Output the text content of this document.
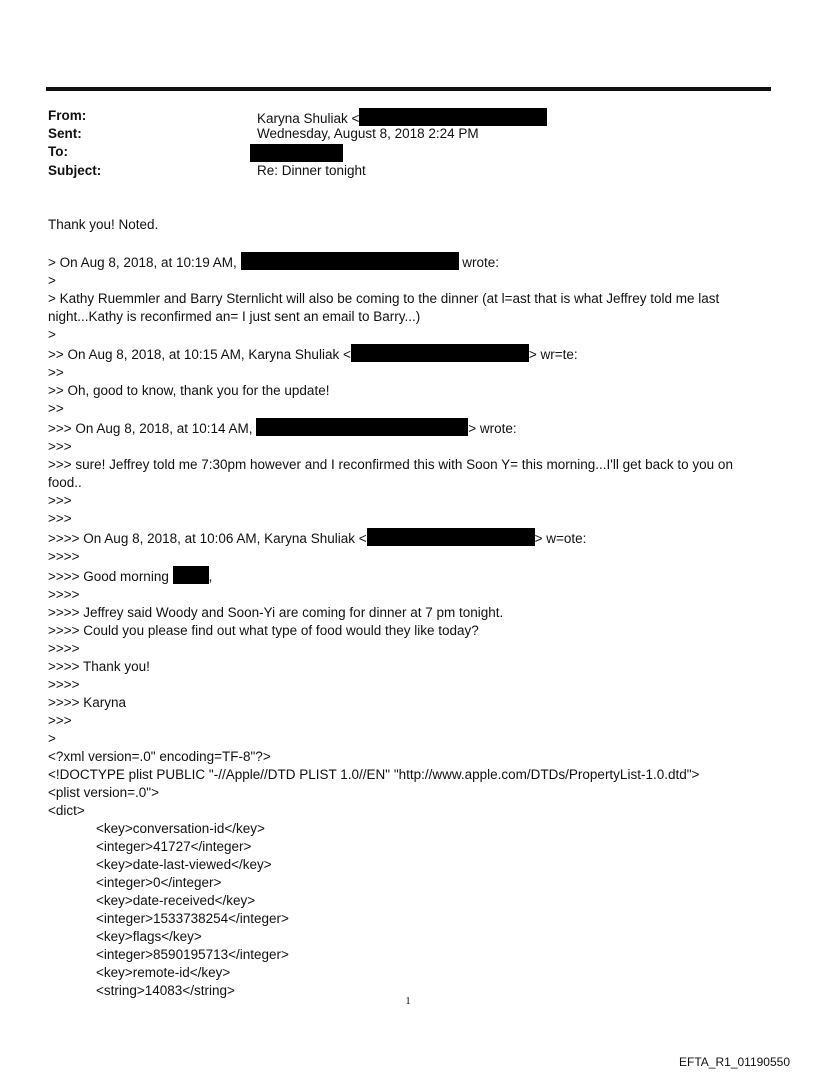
From:	Karyna Shuliak <
Sent:	Wednesday, August 8, 2018 2:24 PM
To:
Subject:	Re: Dinner tonight
Thank you! Noted.

> On Aug 8, 2018, at 10:19 AM,	wrote:
>
> Kathy Ruemmler and Barry Sternlicht will also be coming to the dinner (at l=ast that is what Jeffrey told me last night...Kathy is reconfirmed an= I just sent an email to Barry...)
>
>> On Aug 8, 2018, at 10:15 AM, Karyna Shuliak <	> wr=te:
>>
>> Oh, good to know, thank you for the update!
>>
>>> On Aug 8, 2018, at 10:14 AM,	> wrote:
>>>
>>> sure! Jeffrey told me 7:30pm however and I reconfirmed this with Soon Y= this morning...I'll get back to you on food..
>>>
>>>
>>>> On Aug 8, 2018, at 10:06 AM, Karyna Shuliak <	> w=ote:
>>>>
>>>> Good morning	,
>>>>
>>>> Jeffrey said Woody and Soon-Yi are coming for dinner at 7 pm tonight.
>>>> Could you please find out what type of food would they like today?
>>>>
>>>> Thank you!
>>>>
>>>> Karyna
>>>
>
<?xml version=.0" encoding=TF-8"?>
<!DOCTYPE plist PUBLIC "-//Apple//DTD PLIST 1.0//EN" "http://www.apple.com/DTDs/PropertyList-1.0.dtd">
<plist version=.0">
<dict>
<key>conversation-id</key>
<integer>41727</integer>
<key>date-last-viewed</key>
<integer>0</integer>
<key>date-received</key>
<integer>1533738254</integer>
<key>flags</key>
<integer>8590195713</integer>
<key>remote-id</key>
<string>14083</string>
1
EFTA_R1_01190550
